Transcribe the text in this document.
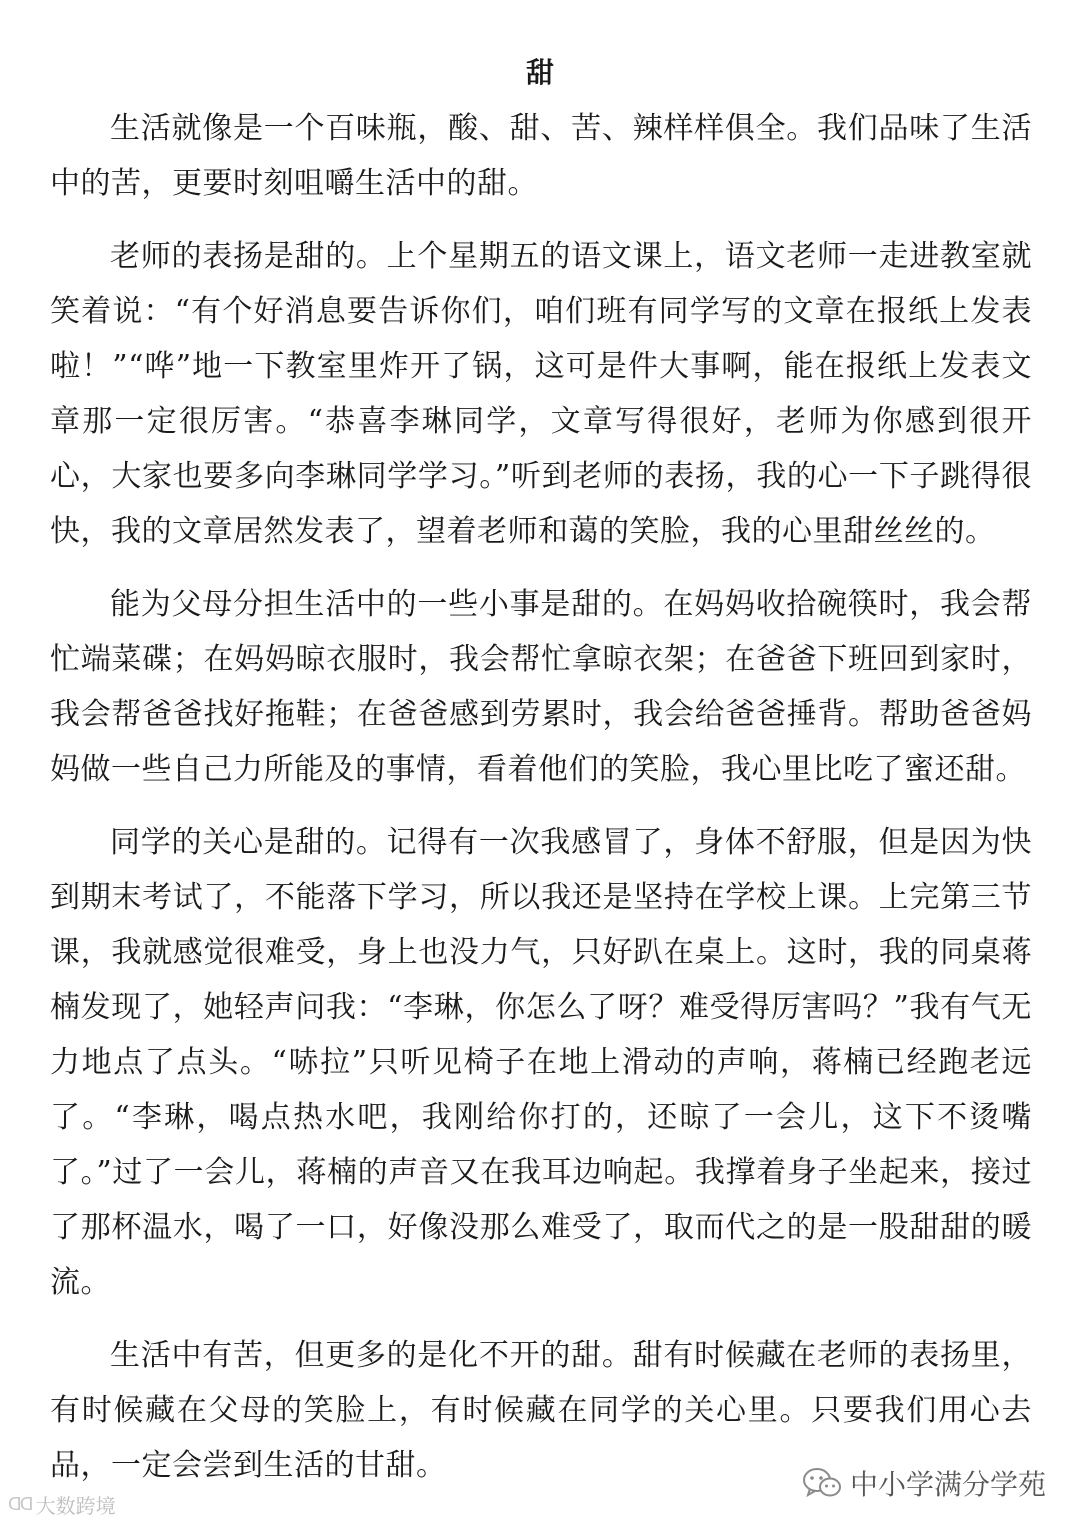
甜

生活就像是一个百味瓶，酸、甜、苦、辣样样俱全。我们品味了生活中的苦，更要时刻咀嚼生活中的甜。

老师的表扬是甜的。上个星期五的语文课上，语文老师一走进教室就笑着说：“有个好消息要告诉你们，咱们班有同学写的文章在报纸上发表啦！”“哗”地一下教室里炸开了锅，这可是件大事啊，能在报纸上发表文章那一定很厉害。“恭喜李琳同学，文章写得很好，老师为你感到很开心，大家也要多向李琳同学学习。”听到老师的表扬，我的心一下子跳得很快，我的文章居然发表了，望着老师和蔼的笑脸，我的心里甜丝丝的。

能为父母分担生活中的一些小事是甜的。在妈妈收拾碗筷时，我会帮忙端菜碟；在妈妈晾衣服时，我会帮忙拿晾衣架；在爸爸下班回到家时，我会帮爸爸找好拖鞋；在爸爸感到劳累时，我会给爸爸捶背。帮助爸爸妈妈做一些自己力所能及的事情，看着他们的笑脸，我心里比吃了蜜还甜。

同学的关心是甜的。记得有一次我感冒了，身体不舒服，但是因为快到期末考试了，不能落下学习，所以我还是坚持在学校上课。上完第三节课，我就感觉很难受，身上也没力气，只好趴在桌上。这时，我的同桌蒋楠发现了，她轻声问我：“李琳，你怎么了呀？难受得厉害吗？”我有气无力地点了点头。“哧拉”只听见椅子在地上滑动的声响，蒋楠已经跑老远了。“李琳，喝点热水吧，我刚给你打的，还晾了一会儿，这下不烫嘴了。”过了一会儿，蒋楠的声音又在我耳边响起。我撑着身子坐起来，接过了那杯温水，喝了一口，好像没那么难受了，取而代之的是一股甜甜的暖流。

生活中有苦，但更多的是化不开的甜。甜有时候藏在老师的表扬里，有时候藏在父母的笑脸上，有时候藏在同学的关心里。只要我们用心去品，一定会尝到生活的甘甜。

ᗡᗡ 大数跨境
中小学满分学苑
